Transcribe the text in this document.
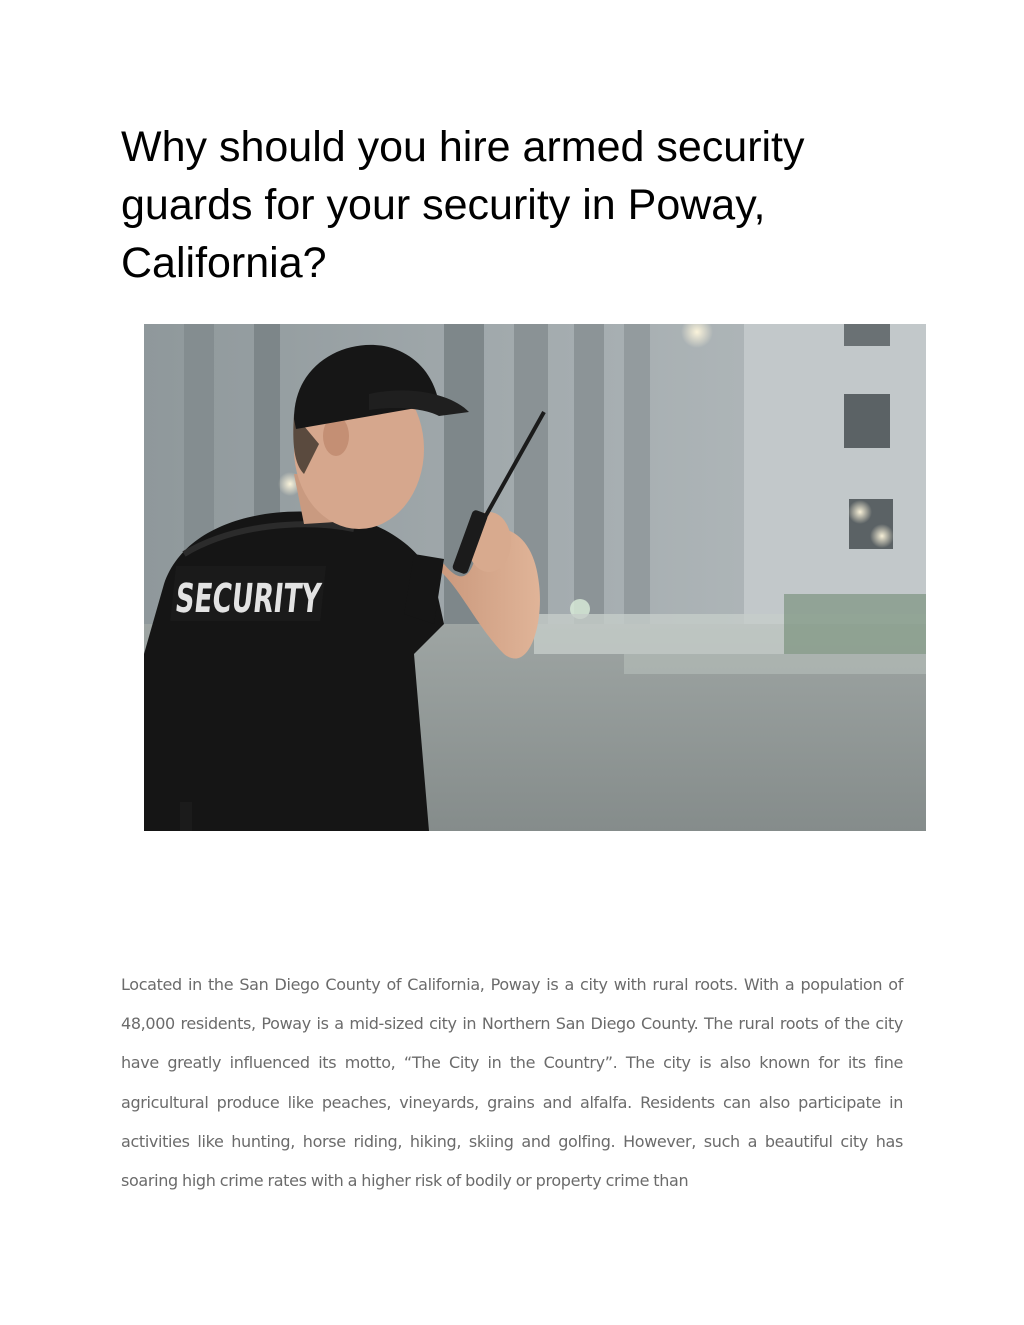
Why should you hire armed security guards for your security in Poway, California?
SECURITY

Located in the San Diego County of California, Poway is a city with rural roots. With a population of 48,000 residents, Poway is a mid-sized city in Northern San Diego County. The rural roots of the city have greatly influenced its motto, “The City in the Country”. The city is also known for its fine agricultural produce like peaches, vineyards, grains and alfalfa. Residents can also participate in activities like hunting, horse riding, hiking, skiing and golfing. However, such a beautiful city has soaring high crime rates with a higher risk of bodily or property crime than
